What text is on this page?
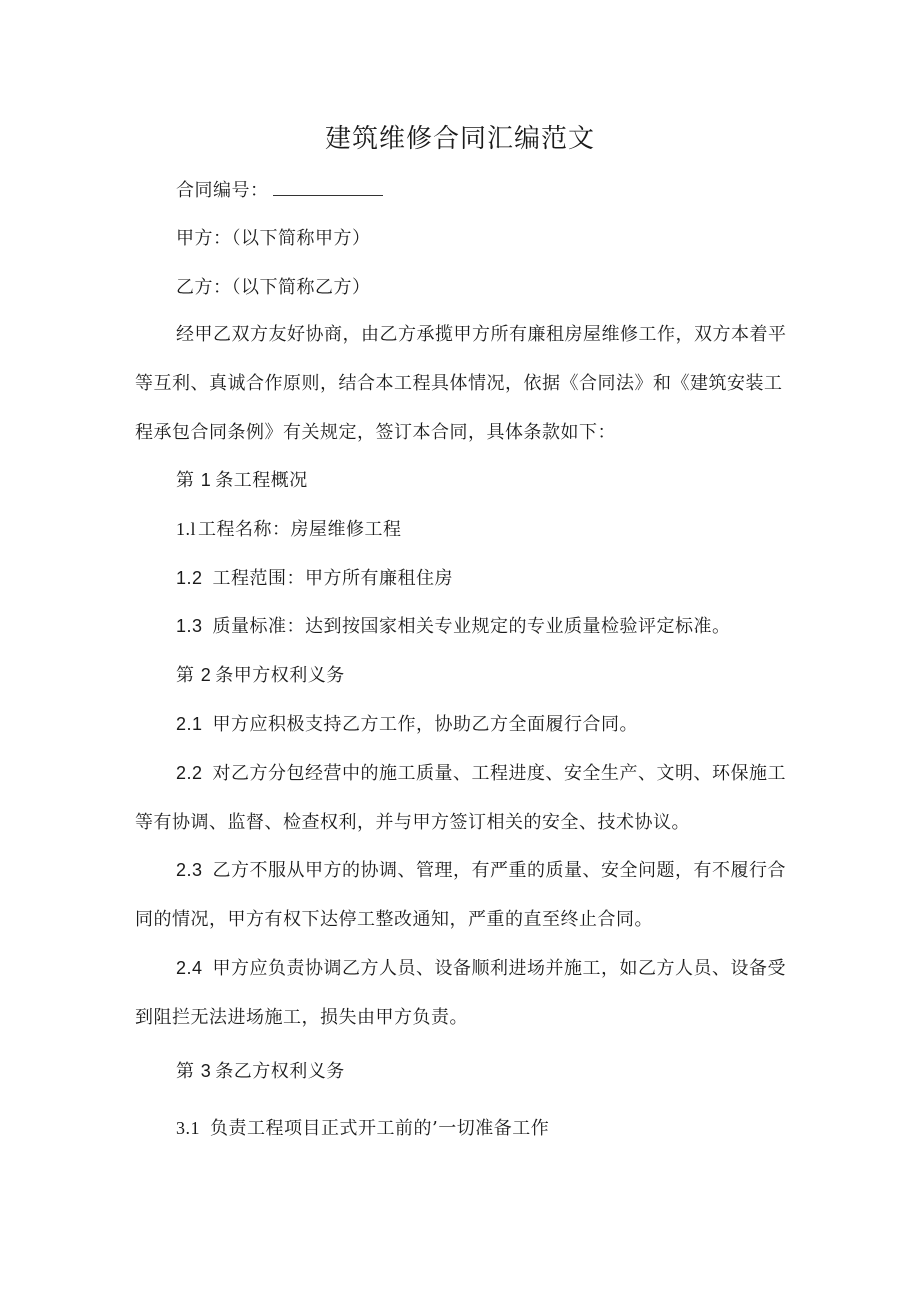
建筑维修合同汇编范文
合同编号：
甲方：（以下简称甲方）
乙方：（以下简称乙方）
经甲乙双方友好协商，由乙方承揽甲方所有廉租房屋维修工作，双方本着平
等互利、真诚合作原则，结合本工程具体情况，依据《合同法》和《建筑安装工
程承包合同条例》有关规定，签订本合同，具体条款如下：
第 1 条工程概况
1.l 工程名称：房屋维修工程
1.2 工程范围：甲方所有廉租住房
1.3 质量标准：达到按国家相关专业规定的专业质量检验评定标准。
第 2 条甲方权利义务
2.1 甲方应积极支持乙方工作，协助乙方全面履行合同。
2.2 对乙方分包经营中的施工质量、工程进度、安全生产、文明、环保施工
等有协调、监督、检查权利，并与甲方签订相关的安全、技术协议。
2.3 乙方不服从甲方的协调、管理，有严重的质量、安全问题，有不履行合
同的情况，甲方有权下达停工整改通知，严重的直至终止合同。
2.4 甲方应负责协调乙方人员、设备顺利进场并施工，如乙方人员、设备受
到阻拦无法进场施工，损失由甲方负责。
第 3 条乙方权利义务
3.1 负责工程项目正式开工前的’一切准备工作
